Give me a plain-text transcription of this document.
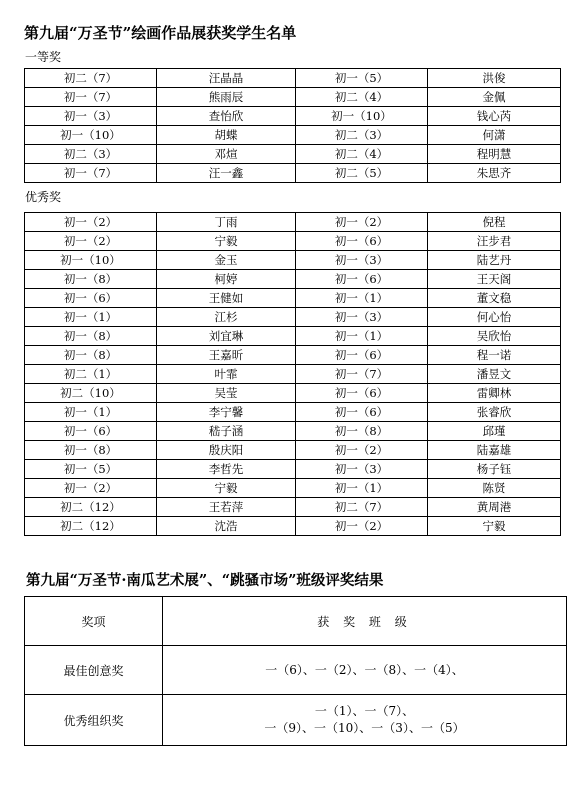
第九届“万圣节”绘画作品展获奖学生名单
一等奖
初二（7）	汪晶晶	初一（5）	洪俊
初一（7）	熊雨辰	初二（4）	金佩
初一（3）	查怡欣	初一（10）	钱心芮
初一（10）	胡蝶	初二（3）	何潇
初二（3）	邓煊	初二（4）	程明慧
初一（7）	汪一鑫	初二（5）	朱思齐
优秀奖
初一（2）	丁雨	初一（2）	倪程
初一（2）	宁毅	初一（6）	汪步君
初一（10）	金玉	初一（3）	陆艺丹
初一（8）	柯婷	初一（6）	王天阁
初一（6）	王健如	初一（1）	董文稳
初一（1）	江杉	初一（3）	何心怡
初一（8）	刘宜琳	初一（1）	吴欣怡
初一（8）	王嘉昕	初一（6）	程一诺
初二（1）	叶霏	初一（7）	潘昱文
初二（10）	吴莹	初一（6）	雷卿林
初一（1）	李宁馨	初一（6）	张睿欣
初一（6）	嵇子涵	初一（8）	邱瑾
初一（8）	殷庆阳	初一（2）	陆嘉雄
初一（5）	李哲先	初一（3）	杨子钰
初一（2）	宁毅	初一（1）	陈贤
初二（12）	王若萍	初二（7）	黄周港
初二（12）	沈浩	初一（2）	宁毅
第九届“万圣节·南瓜艺术展”、“跳骚市场”班级评奖结果
奖项	获 奖 班 级
最佳创意奖	一（6）、一（2）、一（8）、一（4）、

优秀组织奖	一（1）、一（7）、
一（9）、一（10）、一（3）、一（5）
